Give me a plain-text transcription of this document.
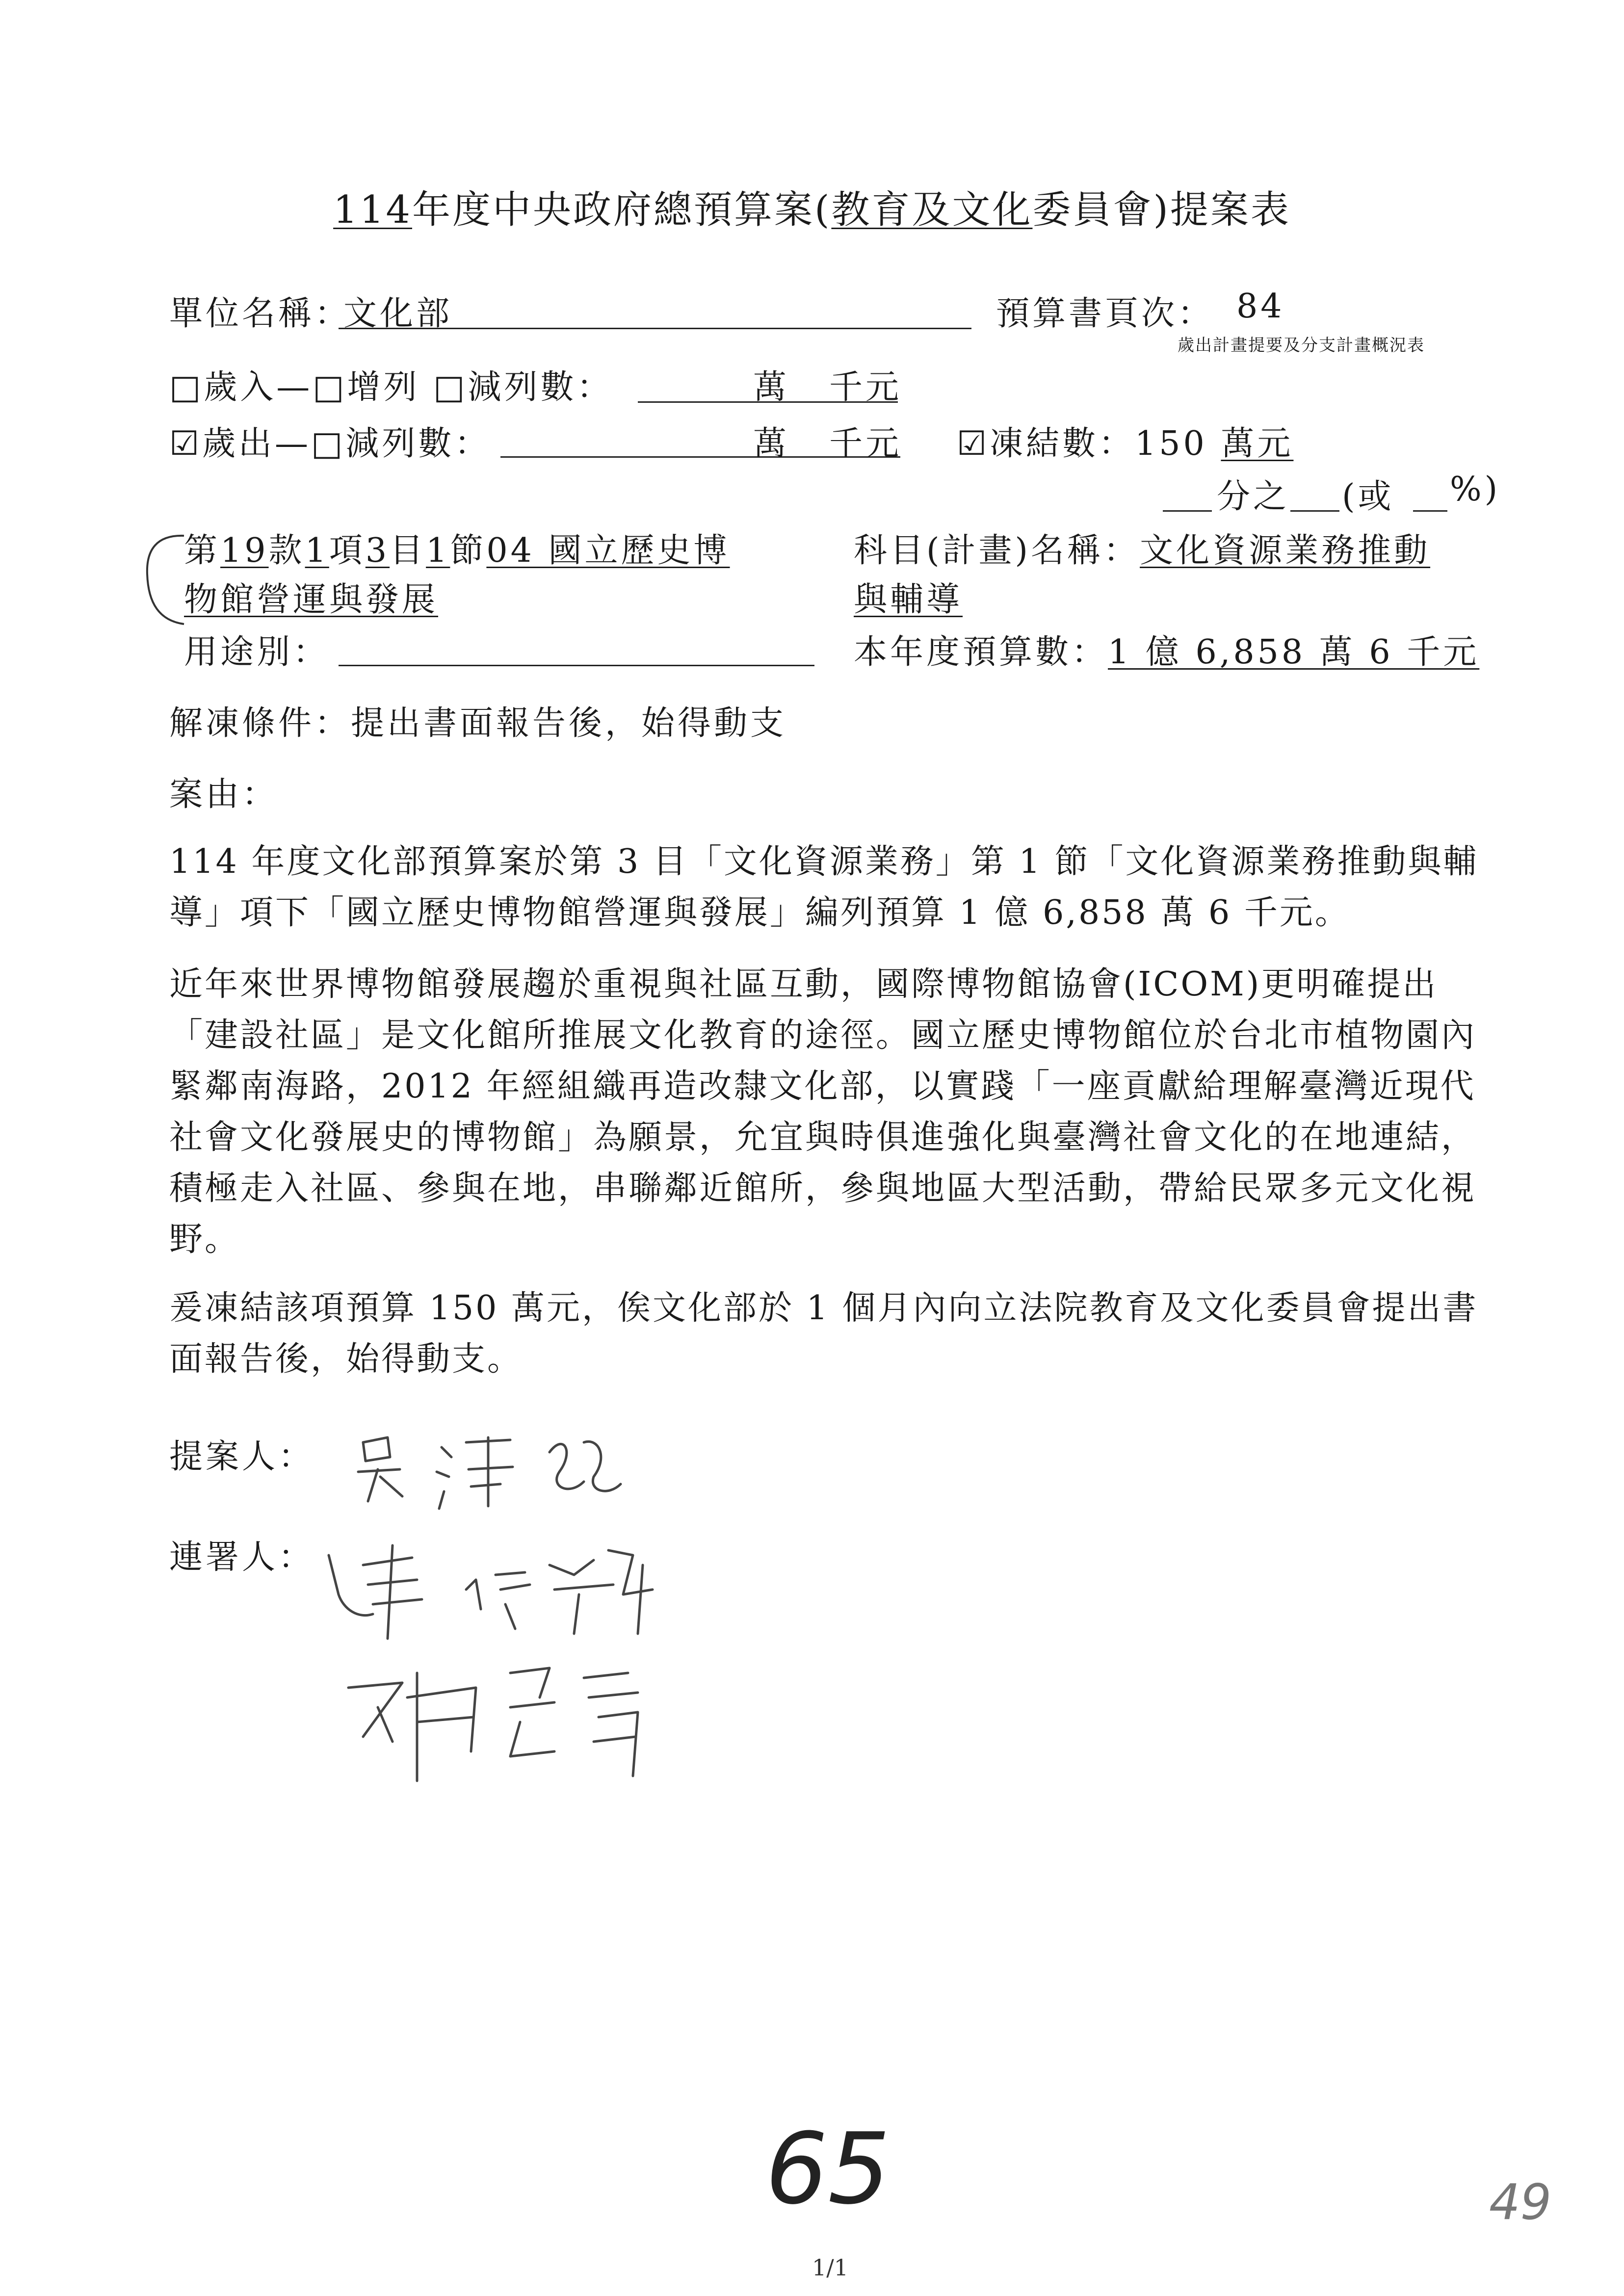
114年度中央政府總預算案(教育及文化委員會)提案表
單位名稱：
文化部	預算書頁次： 84
歲出計畫提要及分支計畫概況表
□歲入—□增列 □減列數：	萬 千元
☑歲出—□減列數：	萬 千元 ☑凍結數：150 萬元
分之 (或 %)
第19款1項3目1節04 國立歷史博
物館營運與發展
科目(計畫)名稱：文化資源業務推動
與輔導
用途別：	本年度預算數：1 億 6,858 萬 6 千元
解凍條件：提出書面報告後，始得動支
案由：
114 年度文化部預算案於第 3 目「文化資源業務」第 1 節「文化資源業務推動與輔導」項下「國立歷史博物館營運與發展」編列預算 1 億 6,858 萬 6 千元。
近年來世界博物館發展趨於重視與社區互動，國際博物館協會(ICOM)更明確提出「建設社區」是文化館所推展文化教育的途徑。國立歷史博物館位於台北市植物園內緊鄰南海路，2012 年經組織再造改隸文化部，以實踐「一座貢獻給理解臺灣近現代社會文化發展史的博物館」為願景，允宜與時俱進強化與臺灣社會文化的在地連結，積極走入社區、參與在地，串聯鄰近館所，參與地區大型活動，帶給民眾多元文化視野。
爰凍結該項預算 150 萬元，俟文化部於 1 個月內向立法院教育及文化委員會提出書面報告後，始得動支。
提案人：
連署人：
65	49
1/1
